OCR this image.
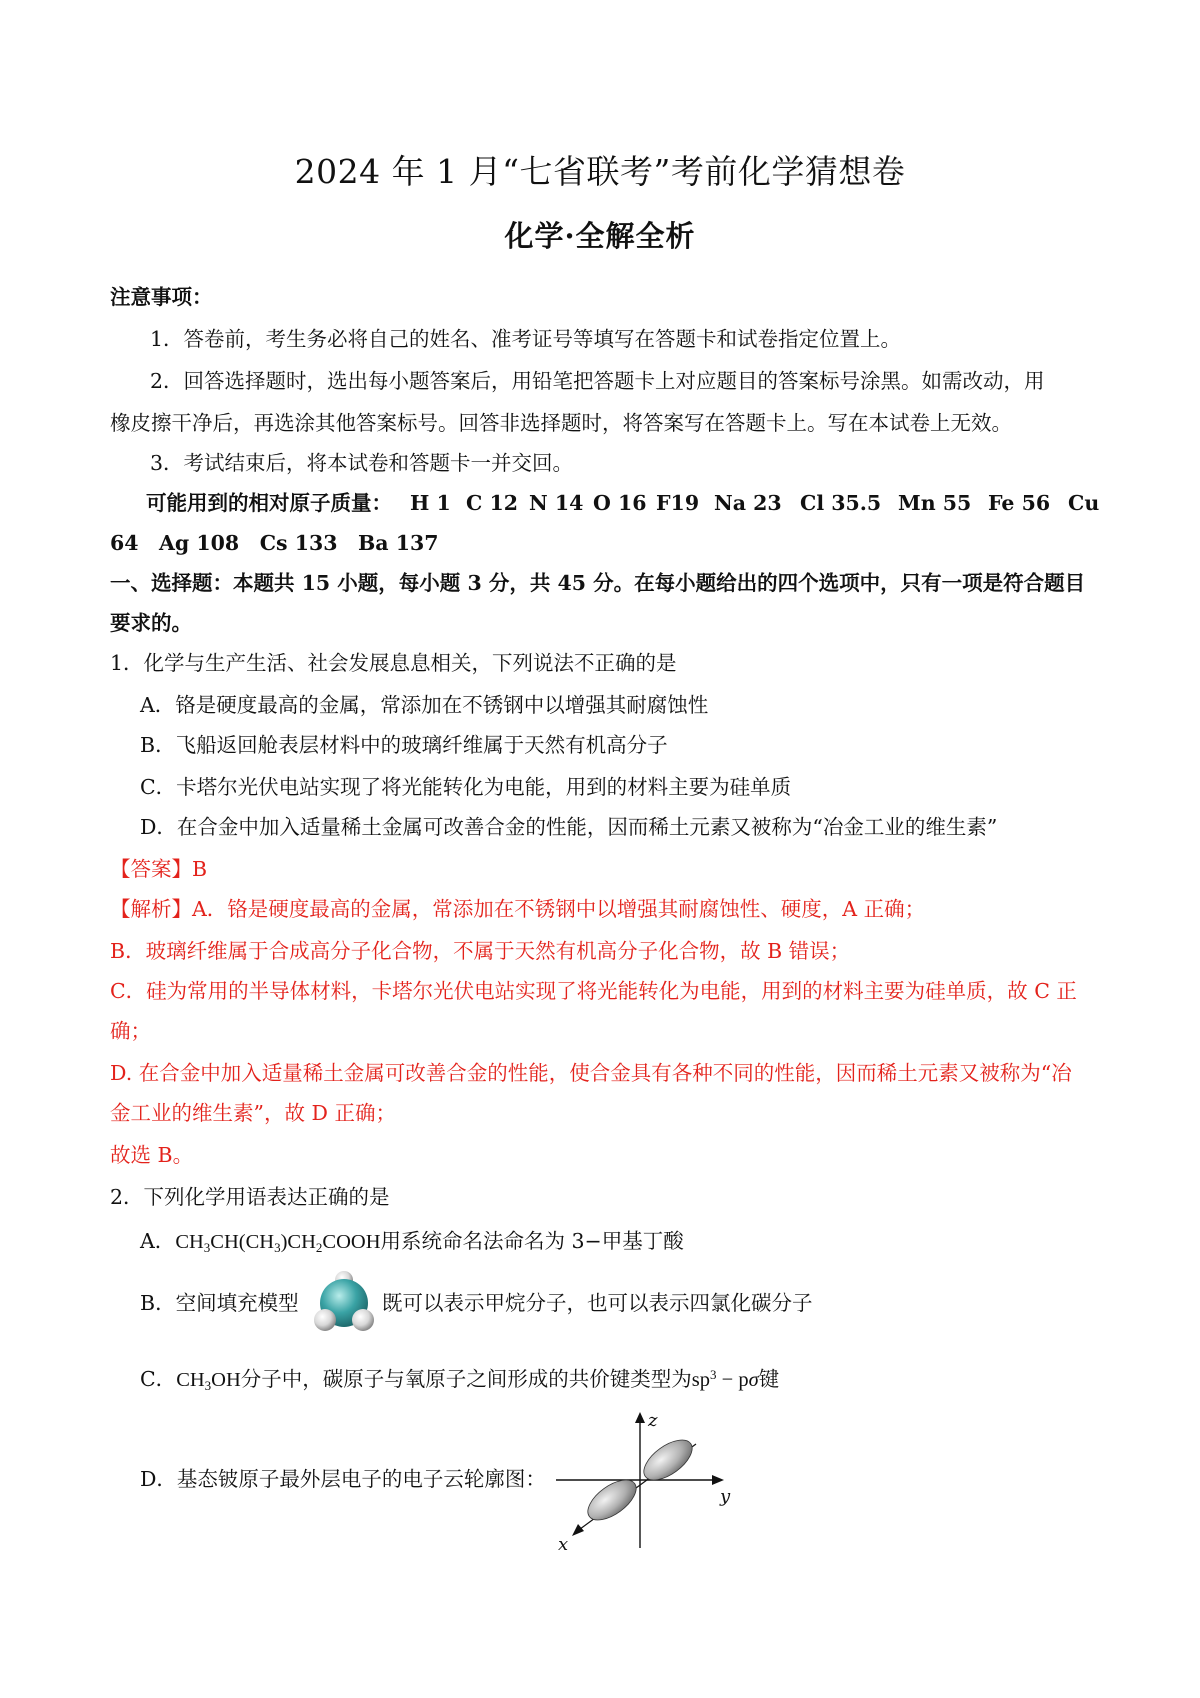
2024 年 1 月“七省联考”考前化学猜想卷
化学·全解全析
注意事项：
1．答卷前，考生务必将自己的姓名、准考证号等填写在答题卡和试卷指定位置上。
2．回答选择题时，选出每小题答案后，用铅笔把答题卡上对应题目的答案标号涂黑。如需改动，用
橡皮擦干净后，再选涂其他答案标号。回答非选择题时，将答案写在答题卡上。写在本试卷上无效。
3．考试结束后，将本试卷和答题卡一并交回。
可能用到的相对原子质量： H 1 C 12 N 14 O 16 F19 Na 23 Cl 35.5 Mn 55 Fe 56 Cu
64　Ag 108　Cs 133　Ba 137
一、选择题：本题共 15 小题，每小题 3 分，共 45 分。在每小题给出的四个选项中，只有一项是符合题目
要求的。
1．化学与生产生活、社会发展息息相关，下列说法不正确的是
A．铬是硬度最高的金属，常添加在不锈钢中以增强其耐腐蚀性
B．飞船返回舱表层材料中的玻璃纤维属于天然有机高分子
C．卡塔尔光伏电站实现了将光能转化为电能，用到的材料主要为硅单质
D．在合金中加入适量稀土金属可改善合金的性能，因而稀土元素又被称为“冶金工业的维生素”
【答案】B
【解析】A．铬是硬度最高的金属，常添加在不锈钢中以增强其耐腐蚀性、硬度，A 正确；
B．玻璃纤维属于合成高分子化合物，不属于天然有机高分子化合物，故 B 错误；
C．硅为常用的半导体材料，卡塔尔光伏电站实现了将光能转化为电能，用到的材料主要为硅单质，故 C 正
确；
D. 在合金中加入适量稀土金属可改善合金的性能，使合金具有各种不同的性能，因而稀土元素又被称为“冶
金工业的维生素”，故 D 正确；
故选 B。
2．下列化学用语表达正确的是
A．$CH_3CH(CH_3)CH_2COOH$用系统命名法命名为 3−甲基丁酸
B．空间填充模型	既可以表示甲烷分子，也可以表示四氯化碳分子
C．$CH_3OH$分子中，碳原子与氧原子之间形成的共价键类型为$sp^3 - p\sigma$键
D．基态铍原子最外层电子的电子云轮廓图：
z
y
x
